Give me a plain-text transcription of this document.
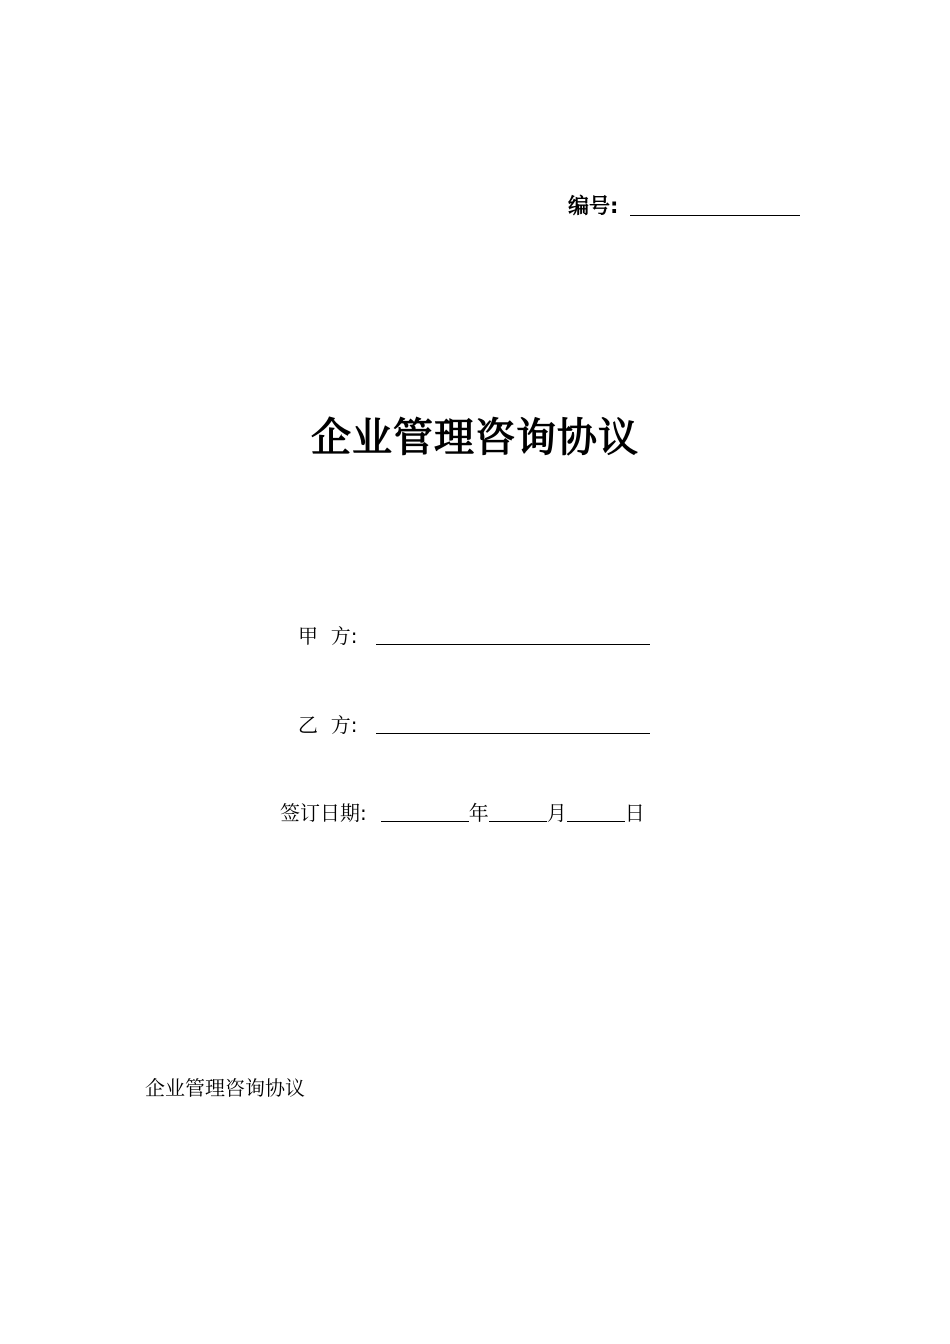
编号:
企业管理咨询协议
甲  方:
乙  方:
签订日期:	年	月	日
企业管理咨询协议
